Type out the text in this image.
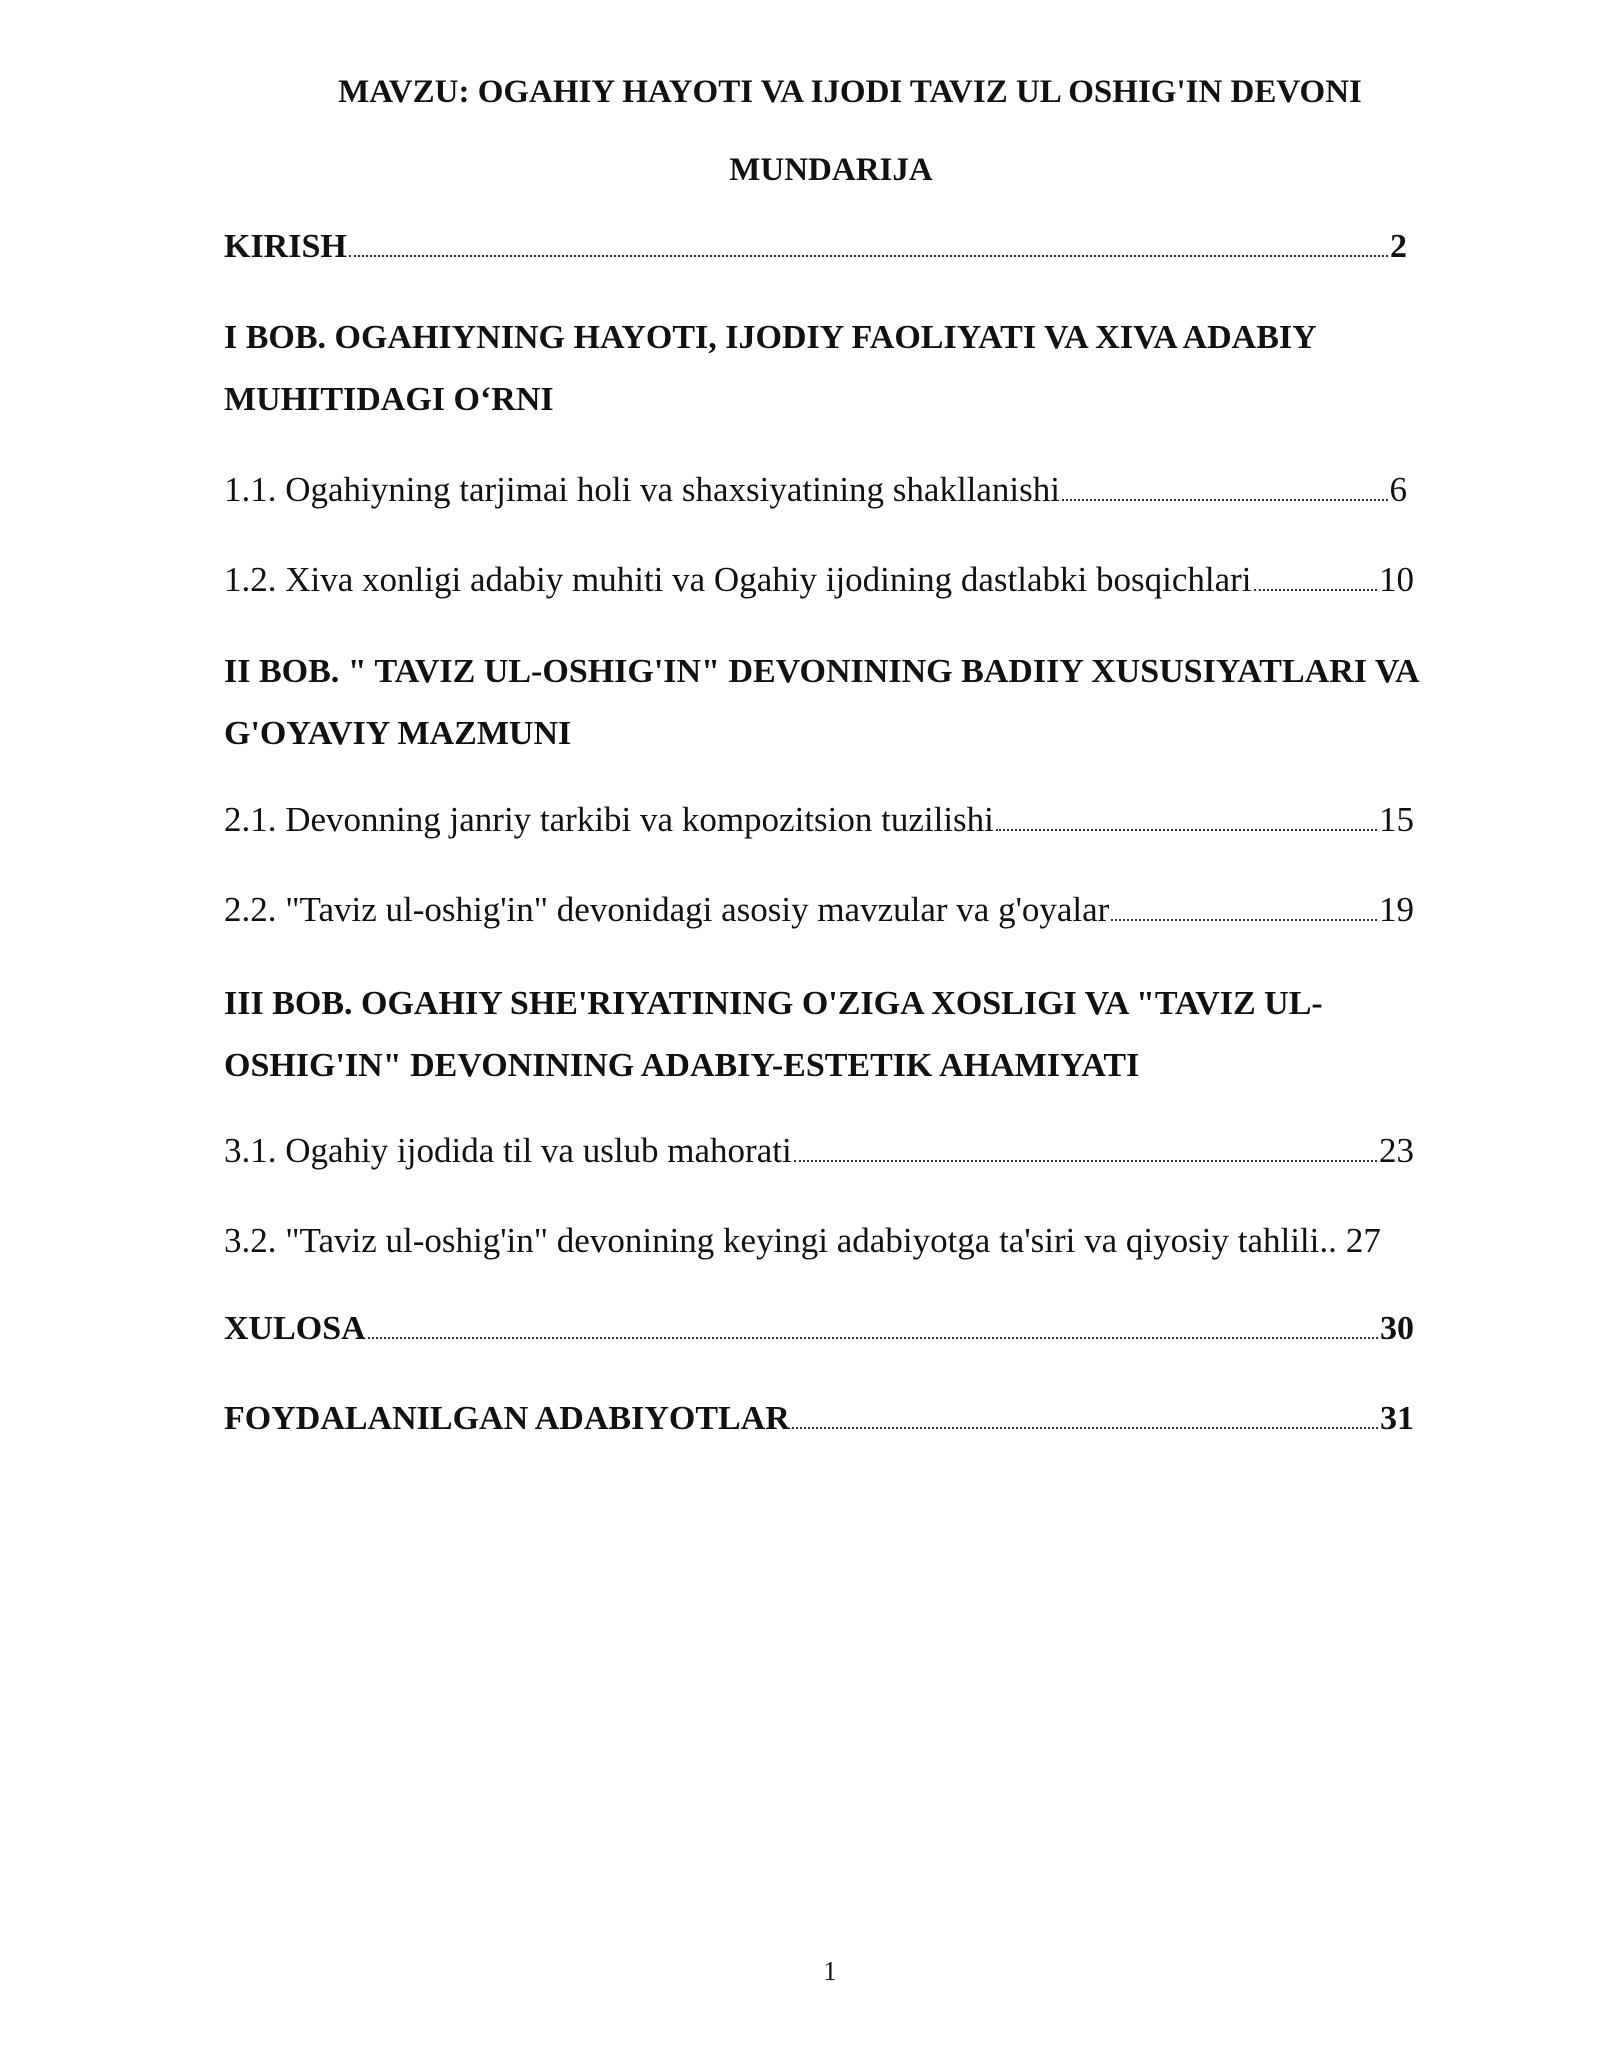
MAVZU: OGAHIY HAYOTI VA IJODI TAVIZ UL OSHIG'IN DEVONI
MUNDARIJA
KIRISH	2

I BOB. OGAHIYNING HAYOTI, IJODIY FAOLIYATI VA XIVA ADABIY MUHITIDAGI O‘RNI

1.1. Ogahiyning tarjimai holi va shaxsiyatining shakllanishi	6
1.2. Xiva xonligi adabiy muhiti va Ogahiy ijodining dastlabki bosqichlari	10

II BOB. " TAVIZ UL-OSHIG'IN" DEVONINING BADIIY XUSUSIYATLARI VA G'OYAVIY MAZMUNI

2.1. Devonning janriy tarkibi va kompozitsion tuzilishi	15
2.2. "Taviz ul-oshig'in" devonidagi asosiy mavzular va g'oyalar	19

III BOB. OGAHIY SHE'RIYATINING O'ZIGA XOSLIGI VA "TAVIZ UL-OSHIG'IN" DEVONINING ADABIY-ESTETIK AHAMIYATI

3.1. Ogahiy ijodida til va uslub mahorati	23
3.2. "Taviz ul-oshig'in" devonining keyingi adabiyotga ta'siri va qiyosiy tahlili.. 27
XULOSA	30
FOYDALANILGAN ADABIYOTLAR	31
1
